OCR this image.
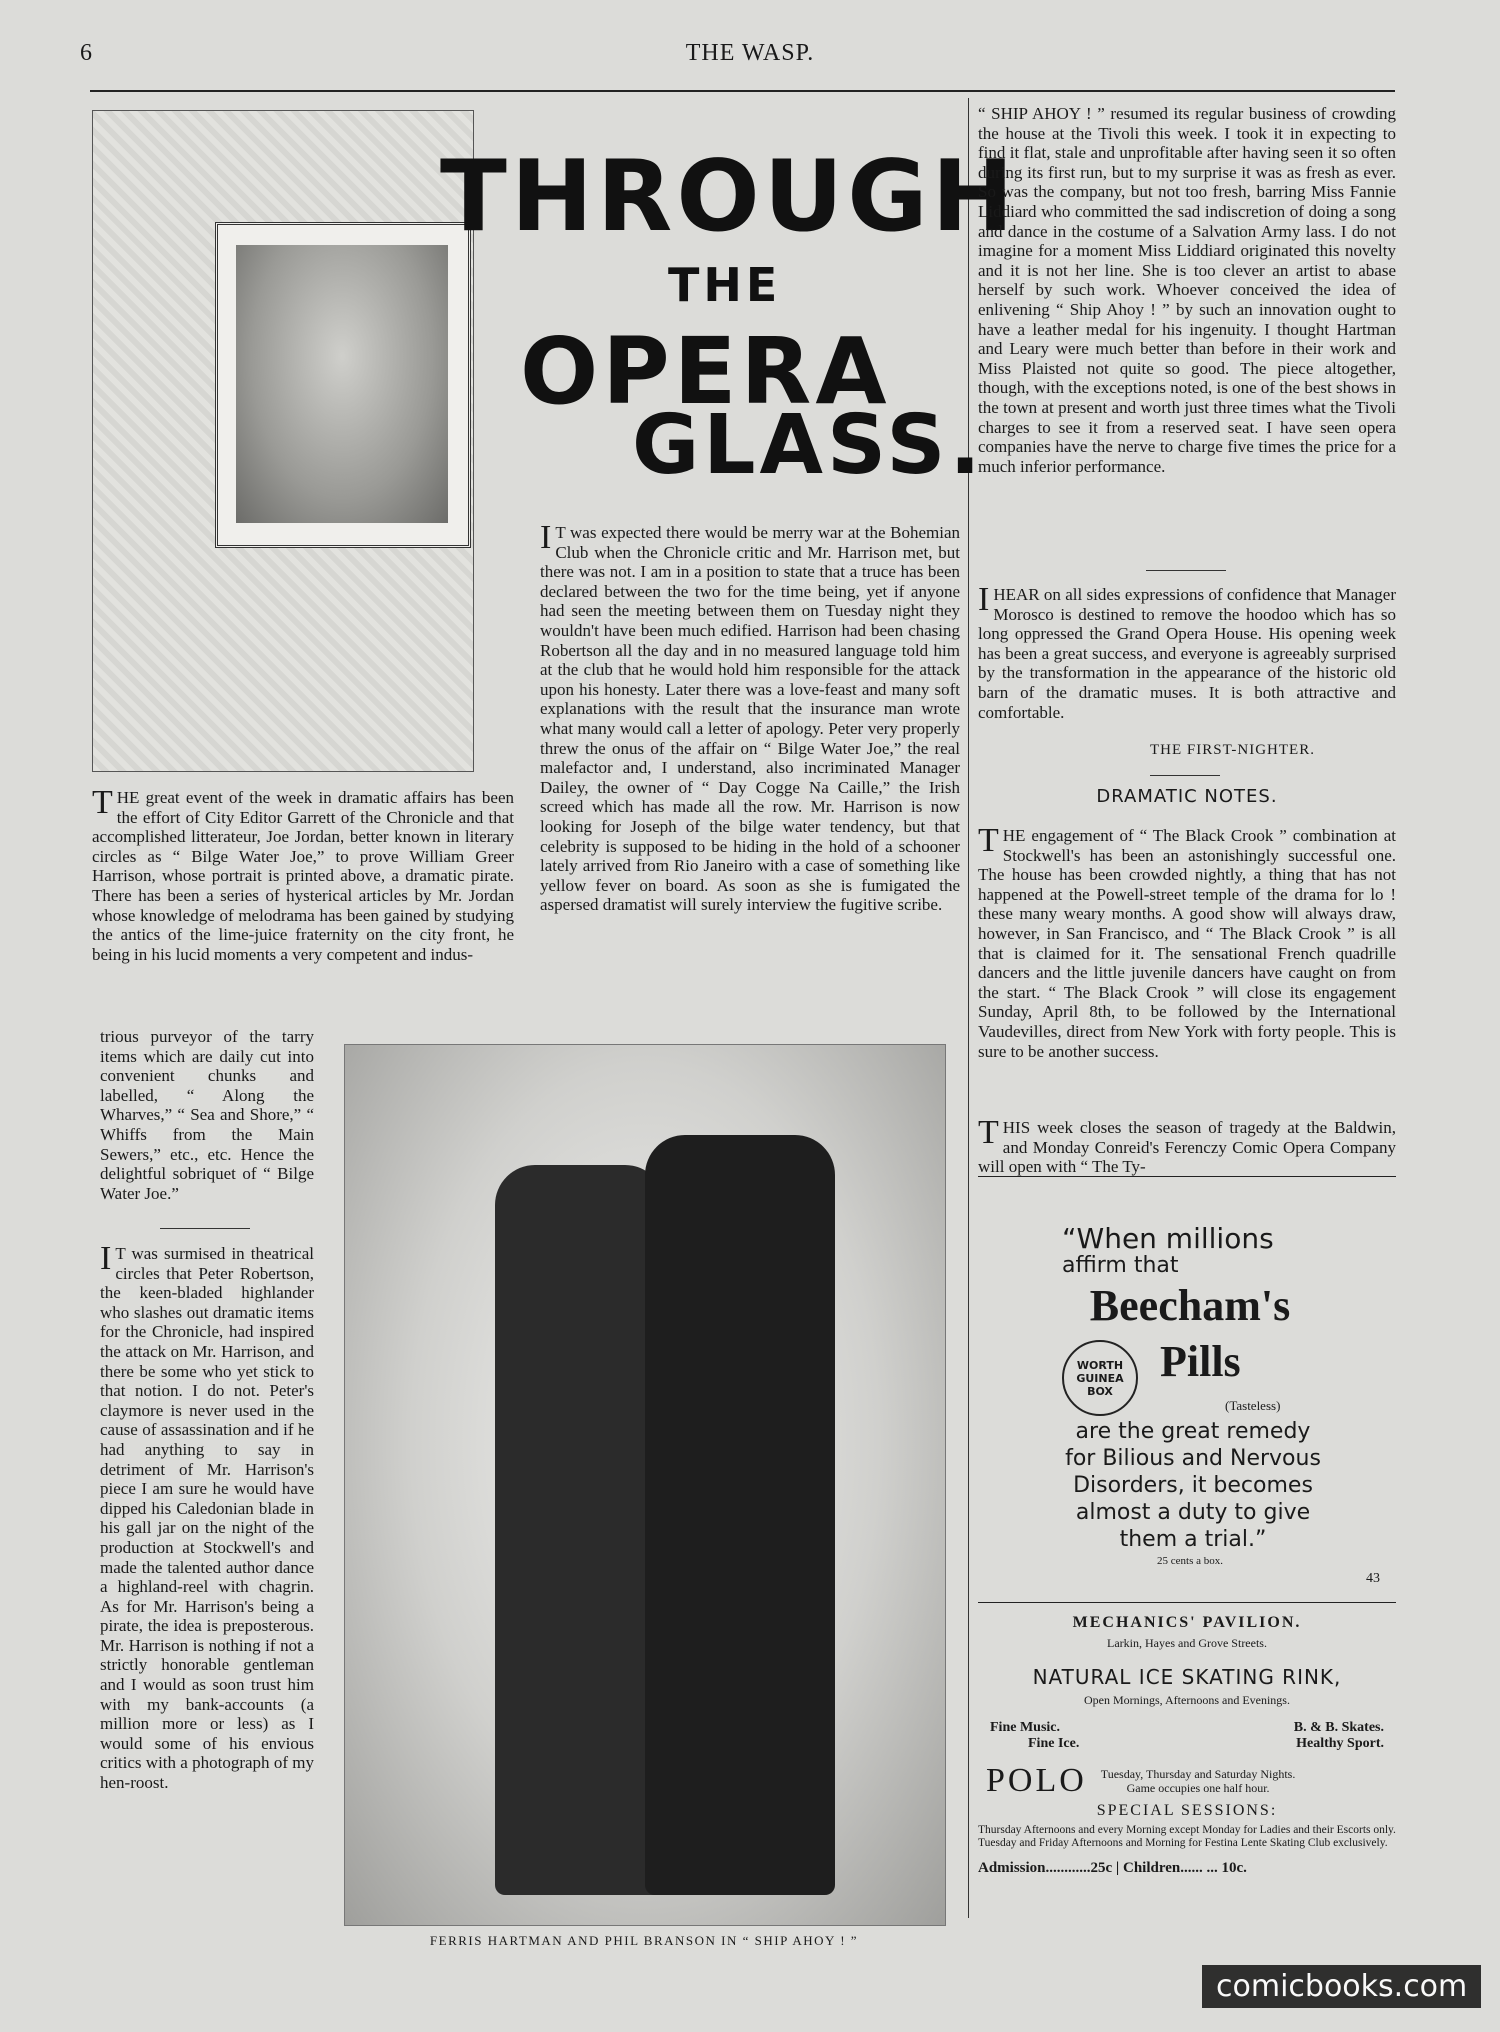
6	THE WASP.
THROUGH
THE
OPERA
GLASS.
THE great event of the week in dramatic affairs has been the effort of City Editor Garrett of the Chronicle and that accomplished litterateur, Joe Jordan, better known in literary circles as “ Bilge Water Joe,” to prove William Greer Harrison, whose portrait is printed above, a dramatic pirate. There has been a series of hysterical articles by Mr. Jordan whose knowledge of melodrama has been gained by studying the antics of the lime-juice fraternity on the city front, he being in his lucid moments a very competent and indus-
trious purveyor of the tarry items which are daily cut into convenient chunks and labelled, “ Along the Wharves,” “ Sea and Shore,” “ Whiffs from the Main Sewers,” etc., etc. Hence the delightful sobriquet of “ Bilge Water Joe.”
IT was surmised in theatrical circles that Peter Robertson, the keen-bladed highlander who slashes out dramatic items for the Chronicle, had inspired the attack on Mr. Harrison, and there be some who yet stick to that notion. I do not. Peter's claymore is never used in the cause of assassination and if he had anything to say in detriment of Mr. Harrison's piece I am sure he would have dipped his Caledonian blade in his gall jar on the night of the production at Stockwell's and made the talented author dance a highland-reel with chagrin. As for Mr. Harrison's being a pirate, the idea is preposterous. Mr. Harrison is nothing if not a strictly honorable gentleman and I would as soon trust him with my bank-accounts (a million more or less) as I would some of his envious critics with a photograph of my hen-roost.
IT was expected there would be merry war at the Bohemian Club when the Chronicle critic and Mr. Harrison met, but there was not. I am in a position to state that a truce has been declared between the two for the time being, yet if anyone had seen the meeting between them on Tuesday night they wouldn't have been much edified. Harrison had been chasing Robertson all the day and in no measured language told him at the club that he would hold him responsible for the attack upon his honesty. Later there was a love-feast and many soft explanations with the result that the insurance man wrote what many would call a letter of apology. Peter very properly threw the onus of the affair on “ Bilge Water Joe,” the real malefactor and, I understand, also incriminated Manager Dailey, the owner of “ Day Cogge Na Caille,” the Irish screed which has made all the row. Mr. Harrison is now looking for Joseph of the bilge water tendency, but that celebrity is supposed to be hiding in the hold of a schooner lately arrived from Rio Janeiro with a case of something like yellow fever on board. As soon as she is fumigated the aspersed dramatist will surely interview the fugitive scribe.
FERRIS HARTMAN AND PHIL BRANSON IN “ SHIP AHOY ! ”
“ SHIP AHOY ! ” resumed its regular business of crowding the house at the Tivoli this week. I took it in expecting to find it flat, stale and unprofitable after having seen it so often during its first run, but to my surprise it was as fresh as ever. So was the company, but not too fresh, barring Miss Fannie Liddiard who committed the sad indiscretion of doing a song and dance in the costume of a Salvation Army lass. I do not imagine for a moment Miss Liddiard originated this novelty and it is not her line. She is too clever an artist to abase herself by such work. Whoever conceived the idea of enlivening “ Ship Ahoy ! ” by such an innovation ought to have a leather medal for his ingenuity. I thought Hartman and Leary were much better than before in their work and Miss Plaisted not quite so good. The piece altogether, though, with the exceptions noted, is one of the best shows in the town at present and worth just three times what the Tivoli charges to see it from a reserved seat. I have seen opera companies have the nerve to charge five times the price for a much inferior performance.
IHEAR on all sides expressions of confidence that Manager Morosco is destined to remove the hoodoo which has so long oppressed the Grand Opera House. His opening week has been a great success, and everyone is agreeably surprised by the transformation in the appearance of the historic old barn of the dramatic muses. It is both attractive and comfortable.
THE FIRST-NIGHTER.
DRAMATIC NOTES.
THE engagement of “ The Black Crook ” combination at Stockwell's has been an astonishingly successful one. The house has been crowded nightly, a thing that has not happened at the Powell-street temple of the drama for lo ! these many weary months. A good show will always draw, however, in San Francisco, and “ The Black Crook ” is all that is claimed for it. The sensational French quadrille dancers and the little juvenile dancers have caught on from the start. “ The Black Crook ” will close its engagement Sunday, April 8th, to be followed by the International Vaudevilles, direct from New York with forty people. This is sure to be another success.
THIS week closes the season of tragedy at the Baldwin, and Monday Conreid's Ferenczy Comic Opera Company will open with “ The Ty-
“When millions
affirm that
Beecham's
WORTH
GUINEA
BOX
Pills
(Tasteless)
are the great remedy for Bilious and Nervous Disorders, it becomes almost a duty to give them a trial.”
25 cents a box.
43
MECHANICS' PAVILION.
Larkin, Hayes and Grove Streets.
NATURAL ICE SKATING RINK,
Open Mornings, Afternoons and Evenings.
Fine Music.	B. & B. Skates.
Fine Ice.	Healthy Sport.
POLO Tuesday, Thursday and Saturday Nights.
Game occupies one half hour.
SPECIAL SESSIONS:
Thursday Afternoons and every Morning except Monday for Ladies and their Escorts only.
Tuesday and Friday Afternoons and Morning for Festina Lente Skating Club exclusively.
Admission............25c | Children...... ... 10c.
comicbooks.com
